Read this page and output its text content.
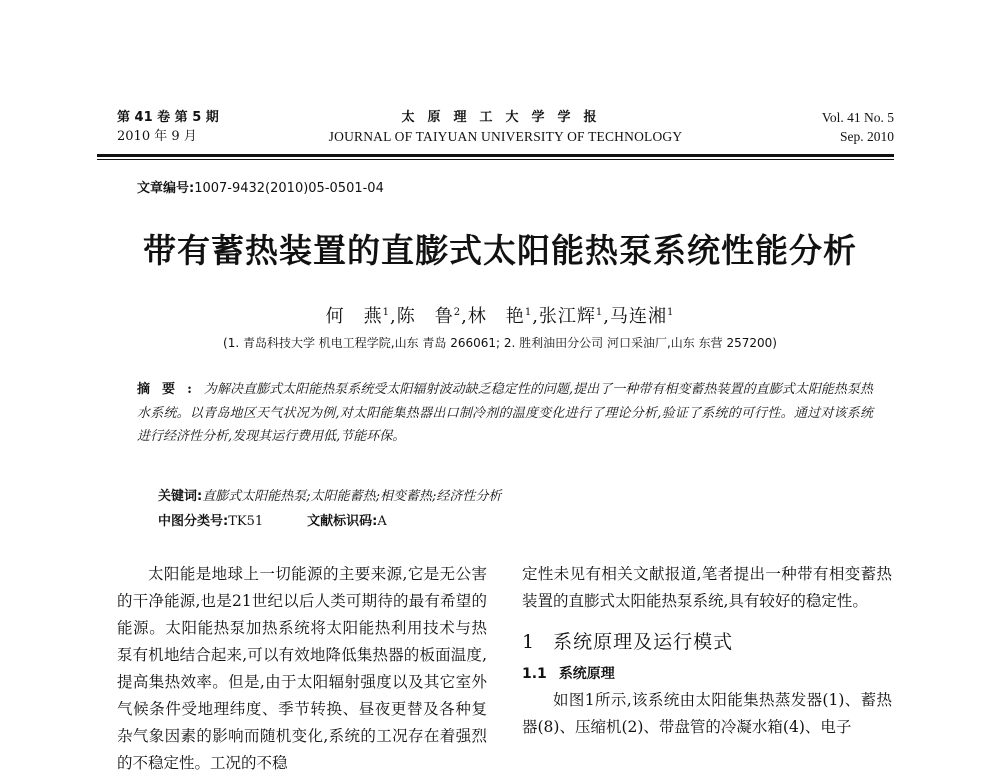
第 41 卷 第 5 期
2010 年 9 月
太原理工大学学报
JOURNAL OF TAIYUAN UNIVERSITY OF TECHNOLOGY
Vol. 41 No. 5
Sep. 2010
文章编号:1007-9432(2010)05-0501-04
带有蓄热装置的直膨式太阳能热泵系统性能分析
何　燕$^1$,陈　鲁$^2$,林　艳$^1$,张江辉$^1$,马连湘$^1$
(1. 青岛科技大学 机电工程学院,山东 青岛 266061; 2. 胜利油田分公司 河口采油厂,山东 东营 257200)
摘要:为解决直膨式太阳能热泵系统受太阳辐射波动缺乏稳定性的问题,提出了一种带有相变蓄热装置的直膨式太阳能热泵热水系统。以青岛地区天气状况为例,对太阳能集热器出口制冷剂的温度变化进行了理论分析,验证了系统的可行性。通过对该系统进行经济性分析,发现其运行费用低,节能环保。
关键词:直膨式太阳能热泵;太阳能蓄热;相变蓄热;经济性分析
中图分类号:TK51	文献标识码:A

太阳能是地球上一切能源的主要来源,它是无公害的干净能源,也是21世纪以后人类可期待的最有希望的能源。太阳能热泵加热系统将太阳能热利用技术与热泵有机地结合起来,可以有效地降低集热器的板面温度,提高集热效率。但是,由于太阳辐射强度以及其它室外气候条件受地理纬度、季节转换、昼夜更替及各种复杂气象因素的影响而随机变化,系统的工况存在着强烈的不稳定性。工况的不稳

定性未见有相关文献报道,笔者提出一种带有相变蓄热装置的直膨式太阳能热泵系统,具有较好的稳定性。

1 系统原理及运行模式

1.1 系统原理

如图1所示,该系统由太阳能集热蒸发器(1)、蓄热器(8)、压缩机(2)、带盘管的冷凝水箱(4)、电子
